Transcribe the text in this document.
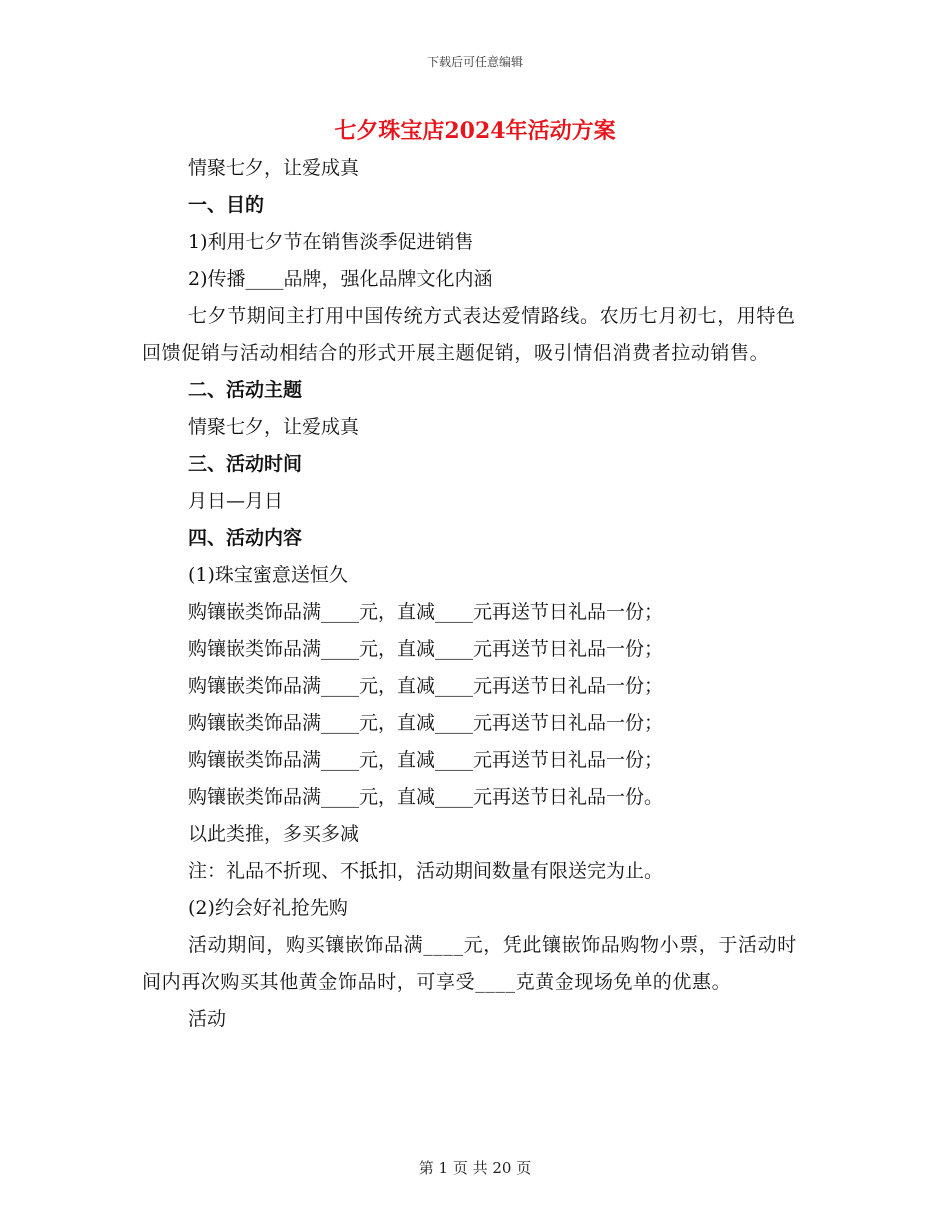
下载后可任意编辑
七夕珠宝店2024年活动方案

情聚七夕，让爱成真

一、目的

1)利用七夕节在销售淡季促进销售

2)传播____品牌，强化品牌文化内涵

七夕节期间主打用中国传统方式表达爱情路线。农历七月初七，用特色回馈促销与活动相结合的形式开展主题促销，吸引情侣消费者拉动销售。

二、活动主题

情聚七夕，让爱成真

三、活动时间

月日—月日

四、活动内容

(1)珠宝蜜意送恒久

购镶嵌类饰品满____元，直减____元再送节日礼品一份；

购镶嵌类饰品满____元，直减____元再送节日礼品一份；

购镶嵌类饰品满____元，直减____元再送节日礼品一份；

购镶嵌类饰品满____元，直减____元再送节日礼品一份；

购镶嵌类饰品满____元，直减____元再送节日礼品一份；

购镶嵌类饰品满____元，直减____元再送节日礼品一份。

以此类推，多买多减

注：礼品不折现、不抵扣，活动期间数量有限送完为止。

(2)约会好礼抢先购

活动期间，购买镶嵌饰品满____元，凭此镶嵌饰品购物小票，于活动时间内再次购买其他黄金饰品时，可享受____克黄金现场免单的优惠。

活动

第 1 页 共 20 页
